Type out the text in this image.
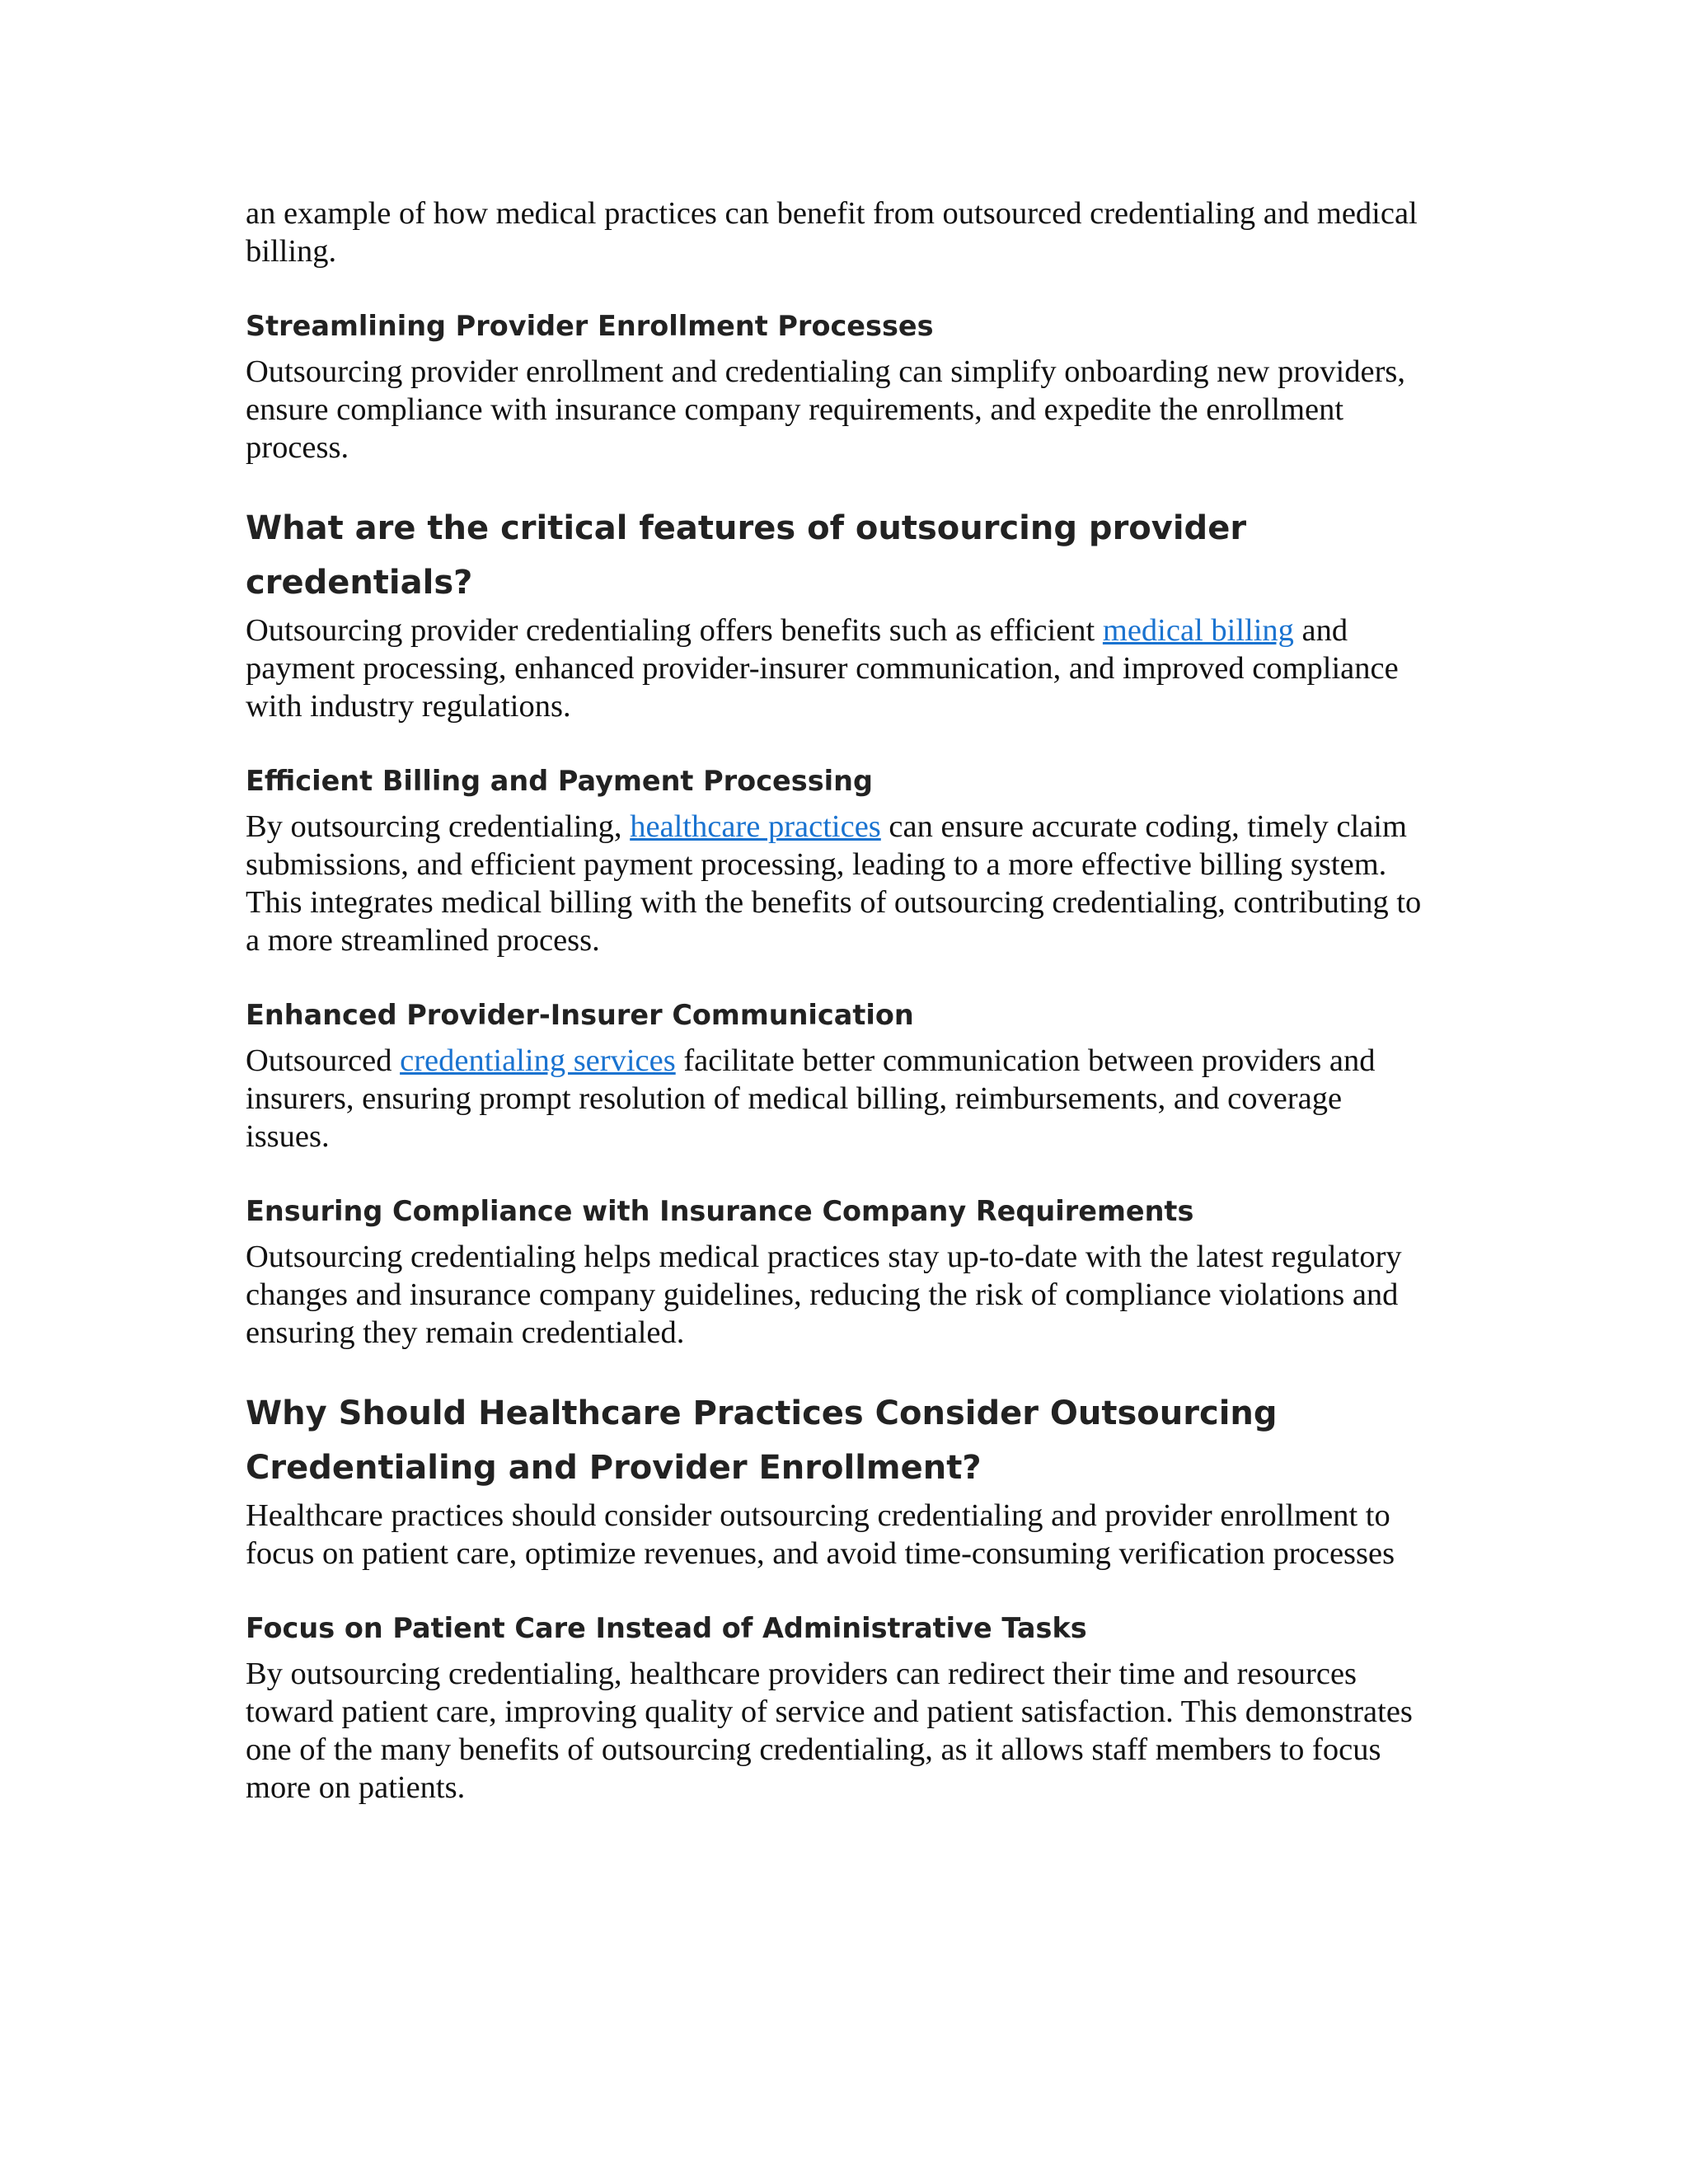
an example of how medical practices can benefit from outsourced credentialing and medical billing.

Streamlining Provider Enrollment Processes

Outsourcing provider enrollment and credentialing can simplify onboarding new providers, ensure compliance with insurance company requirements, and expedite the enrollment process.

What are the critical features of outsourcing provider credentials?

Outsourcing provider credentialing offers benefits such as efficient medical billing and payment processing, enhanced provider-insurer communication, and improved compliance with industry regulations.

Efficient Billing and Payment Processing

By outsourcing credentialing, healthcare practices can ensure accurate coding, timely claim submissions, and efficient payment processing, leading to a more effective billing system. This integrates medical billing with the benefits of outsourcing credentialing, contributing to a more streamlined process.

Enhanced Provider-Insurer Communication

Outsourced credentialing services facilitate better communication between providers and insurers, ensuring prompt resolution of medical billing, reimbursements, and coverage issues.

Ensuring Compliance with Insurance Company Requirements

Outsourcing credentialing helps medical practices stay up-to-date with the latest regulatory changes and insurance company guidelines, reducing the risk of compliance violations and ensuring they remain credentialed.

Why Should Healthcare Practices Consider Outsourcing Credentialing and Provider Enrollment?

Healthcare practices should consider outsourcing credentialing and provider enrollment to focus on patient care, optimize revenues, and avoid time-consuming verification processes

Focus on Patient Care Instead of Administrative Tasks

By outsourcing credentialing, healthcare providers can redirect their time and resources toward patient care, improving quality of service and patient satisfaction. This demonstrates one of the many benefits of outsourcing credentialing, as it allows staff members to focus more on patients.
